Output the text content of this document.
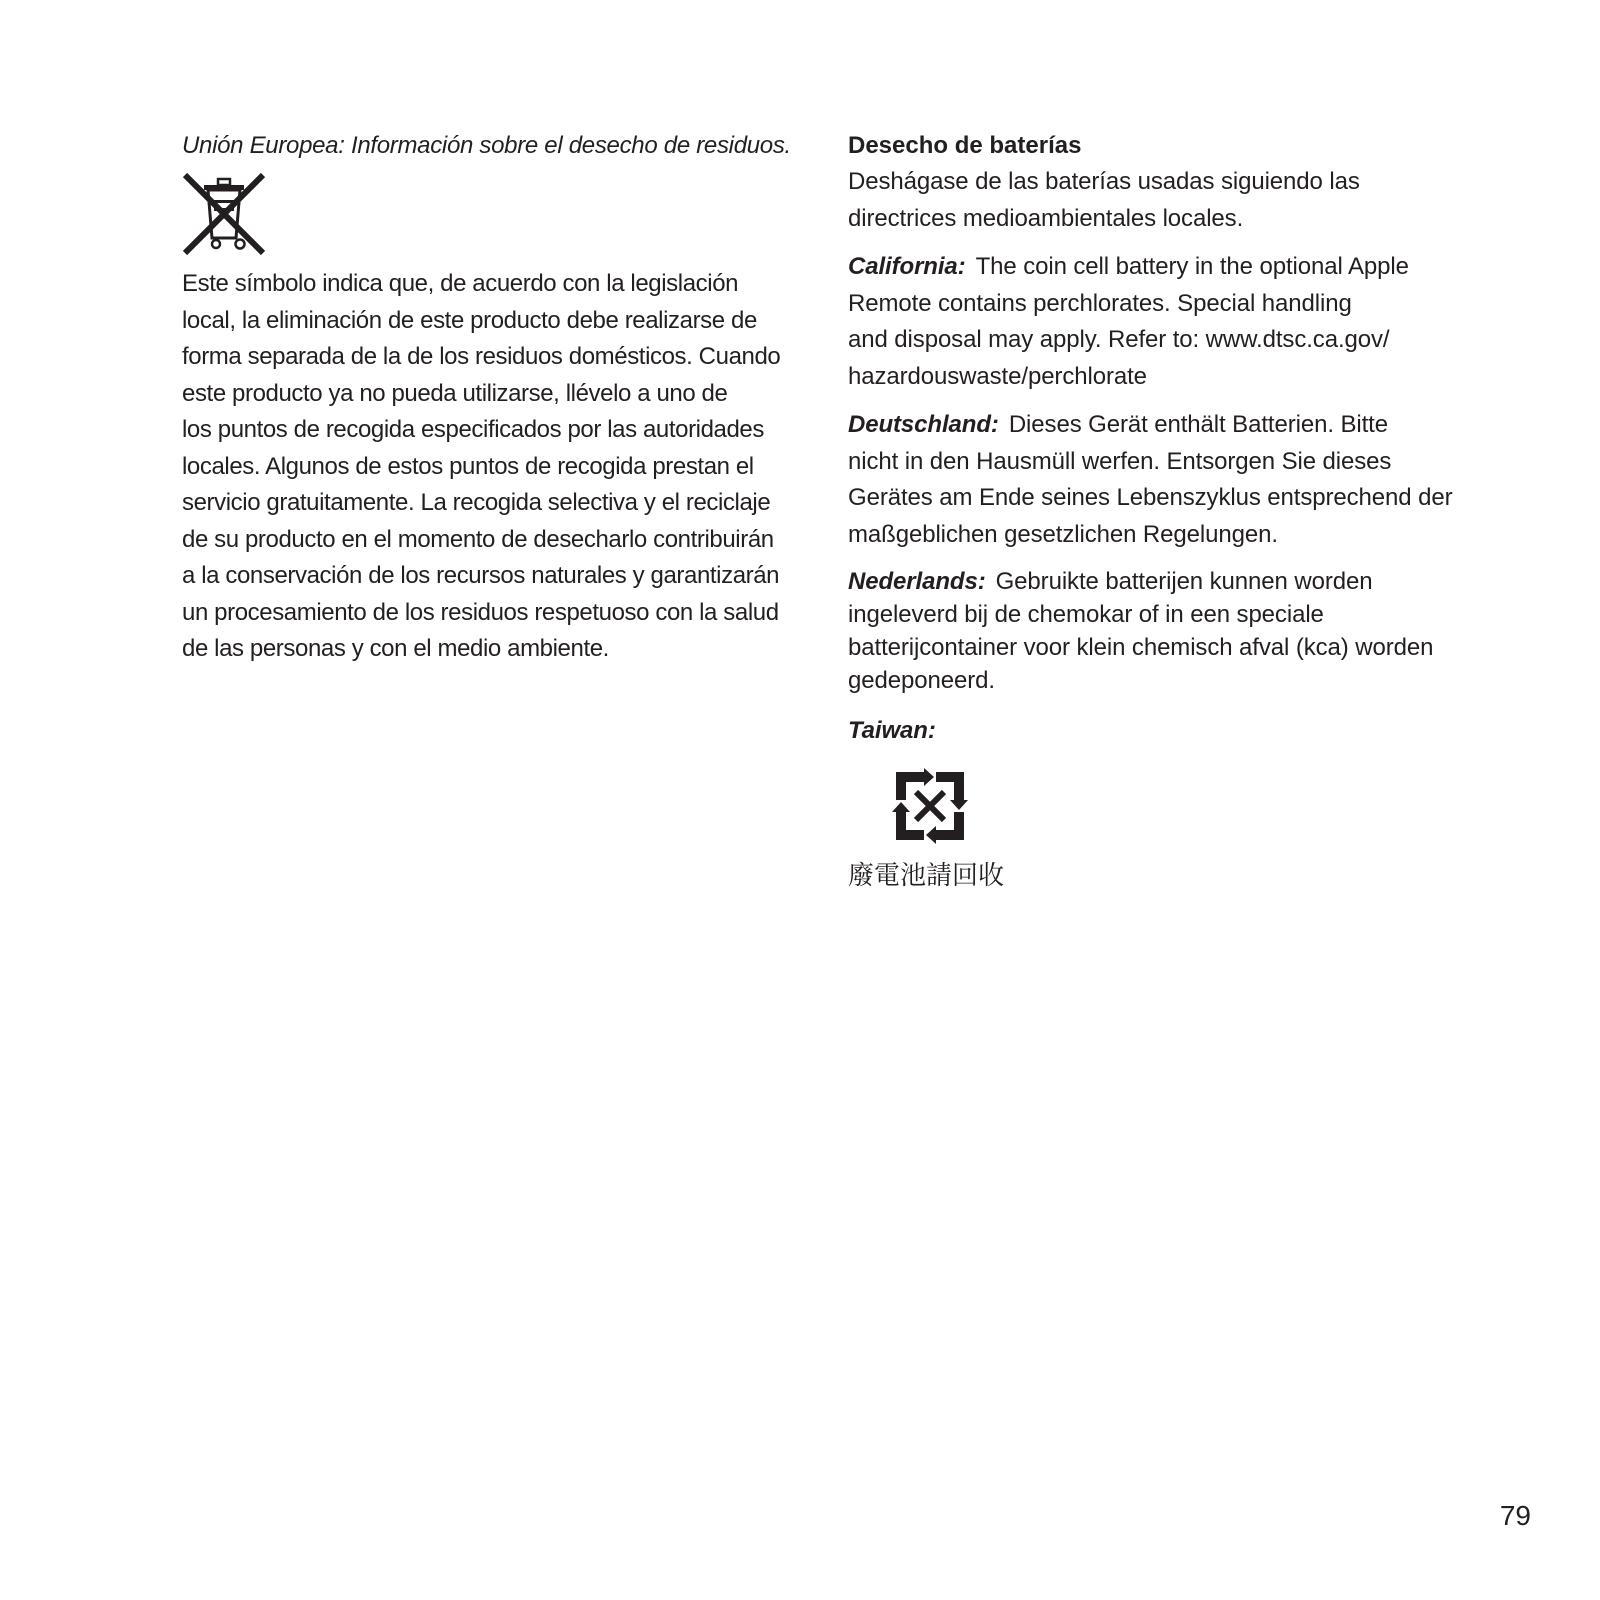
Unión Europea: Información sobre el desecho de residuos.

Este símbolo indica que, de acuerdo con la legislación
local, la eliminación de este producto debe realizarse de
forma separada de la de los residuos domésticos. Cuando
este producto ya no pueda utilizarse, llévelo a uno de
los puntos de recogida especificados por las autoridades
locales. Algunos de estos puntos de recogida prestan el
servicio gratuitamente. La recogida selectiva y el reciclaje
de su producto en el momento de desecharlo contribuirán
a la conservación de los recursos naturales y garantizarán
un procesamiento de los residuos respetuoso con la salud
de las personas y con el medio ambiente.

Desecho de baterías

Deshágase de las baterías usadas siguiendo las
directrices medioambientales locales.
California: The coin cell battery in the optional Apple
Remote contains perchlorates. Special handling
and disposal may apply. Refer to: www.dtsc.ca.gov/
hazardouswaste/perchlorate
Deutschland: Dieses Gerät enthält Batterien. Bitte
nicht in den Hausmüll werfen. Entsorgen Sie dieses
Gerätes am Ende seines Lebenszyklus entsprechend der
maßgeblichen gesetzlichen Regelungen.
Nederlands: Gebruikte batterijen kunnen worden
ingeleverd bij de chemokar of in een speciale
batterijcontainer voor klein chemisch afval (kca) worden
gedeponeerd.
Taiwan:
廢電池請回收

79
